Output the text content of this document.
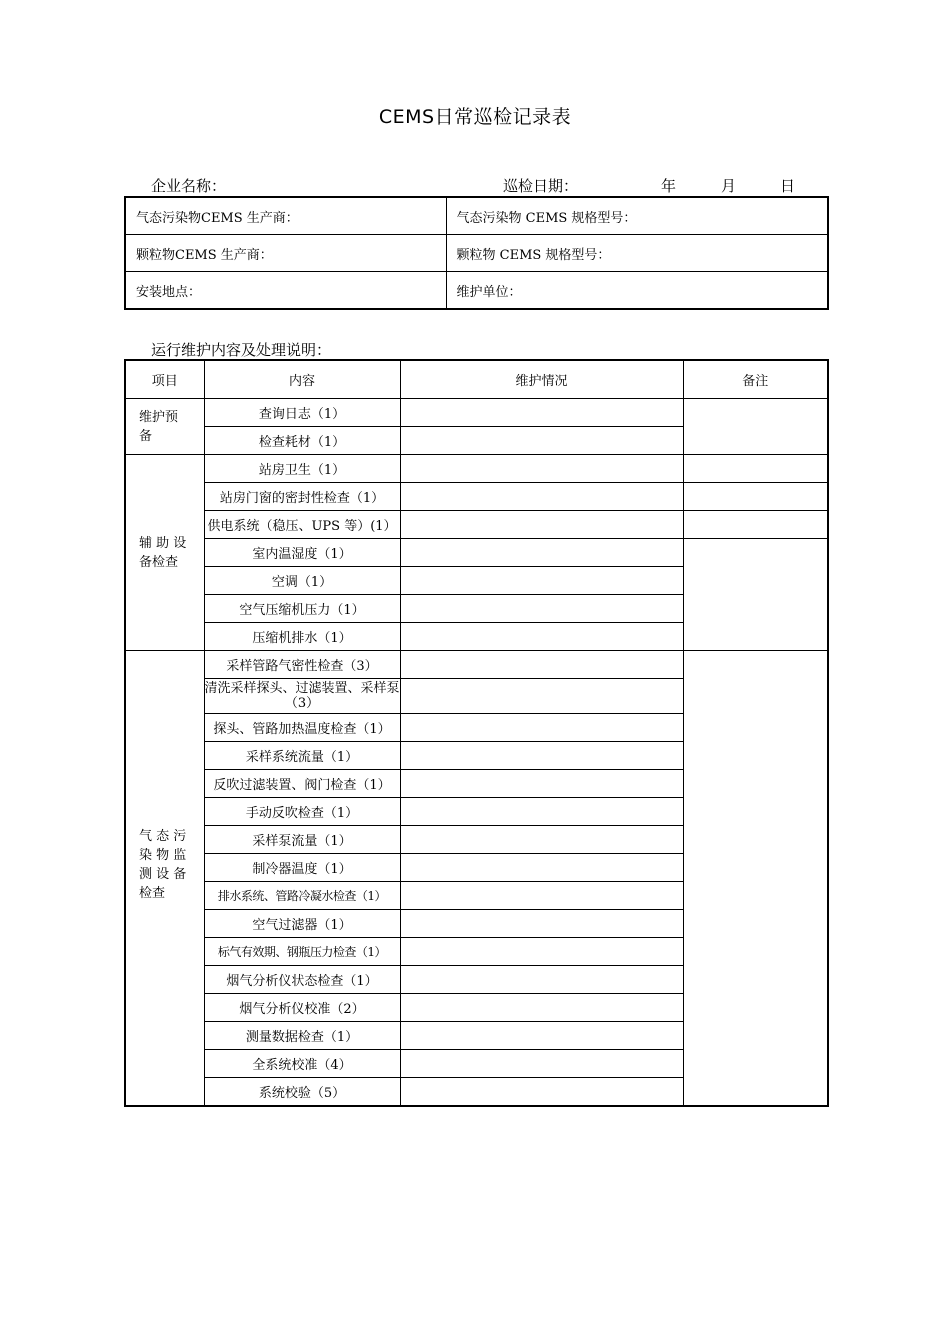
CEMS日常巡检记录表
企业名称：	巡检日期：	年	月	日
气态污染物CEMS 生产商：	气态污染物 CEMS 规格型号：
颗粒物CEMS 生产商：	颗粒物 CEMS 规格型号：
安装地点：	维护单位：
运行维护内容及处理说明：
项目	内容	维护情况	备注

维护预
备	查询日志（1）		
	检查耗材（1）		

辅 助 设
备检查	站房卫生（1）		
	站房门窗的密封性检查（1）		
	供电系统（稳压、UPS 等）(1）		
	室内温湿度（1）		
	空调（1）		
	空气压缩机压力（1）		
	压缩机排水（1）		

气 态 污
染 物 监
测 设 备
检查	采样管路气密性检查（3）		
	清洗采样探头、过滤装置、采样泵（3）		
	探头、管路加热温度检查（1）		
	采样系统流量（1）		
	反吹过滤装置、阀门检查（1）		
	手动反吹检查（1）		
	采样泵流量（1）		
	制冷器温度（1）		
	排水系统、管路冷凝水检查（1）		
	空气过滤器（1）		
	标气有效期、钢瓶压力检查（1）		
	烟气分析仪状态检查（1）		
	烟气分析仪校准（2）		
	测量数据检查（1）		
	全系统校准（4）		
	系统校验（5）		
